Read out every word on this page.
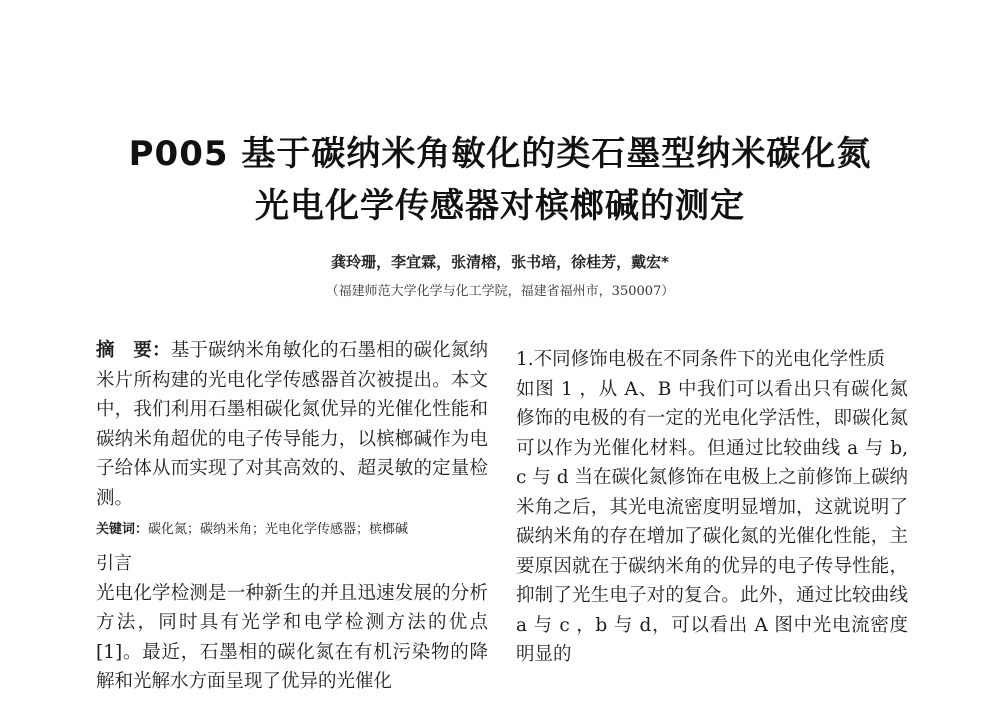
P005 基于碳纳米角敏化的类石墨型纳米碳化氮
光电化学传感器对槟榔碱的测定
龚玲珊，李宜霖，张清榕，张书培，徐桂芳，戴宏*
（福建师范大学化学与化工学院，福建省福州市，350007）

摘　要：基于碳纳米角敏化的石墨相的碳化氮纳米片所构建的光电化学传感器首次被提出。本文中，我们利用石墨相碳化氮优异的光催化性能和碳纳米角超优的电子传导能力，以槟榔碱作为电子给体从而实现了对其高效的、超灵敏的定量检测。

关键词：碳化氮；碳纳米角；光电化学传感器；槟榔碱

引言

光电化学检测是一种新生的并且迅速发展的分析方法，同时具有光学和电学检测方法的优点[1]。最近，石墨相的碳化氮在有机污染物的降解和光解水方面呈现了优异的光催化

1.不同修饰电极在不同条件下的光电化学性质

如图 1 ，从 A、B 中我们可以看出只有碳化氮修饰的电极的有一定的光电化学活性，即碳化氮可以作为光催化材料。但通过比较曲线 a 与 b, c 与 d 当在碳化氮修饰在电极上之前修饰上碳纳米角之后，其光电流密度明显增加，这就说明了碳纳米角的存在增加了碳化氮的光催化性能，主要原因就在于碳纳米角的优异的电子传导性能，抑制了光生电子对的复合。此外，通过比较曲线 a 与 c ，b 与 d，可以看出 A 图中光电流密度明显的
